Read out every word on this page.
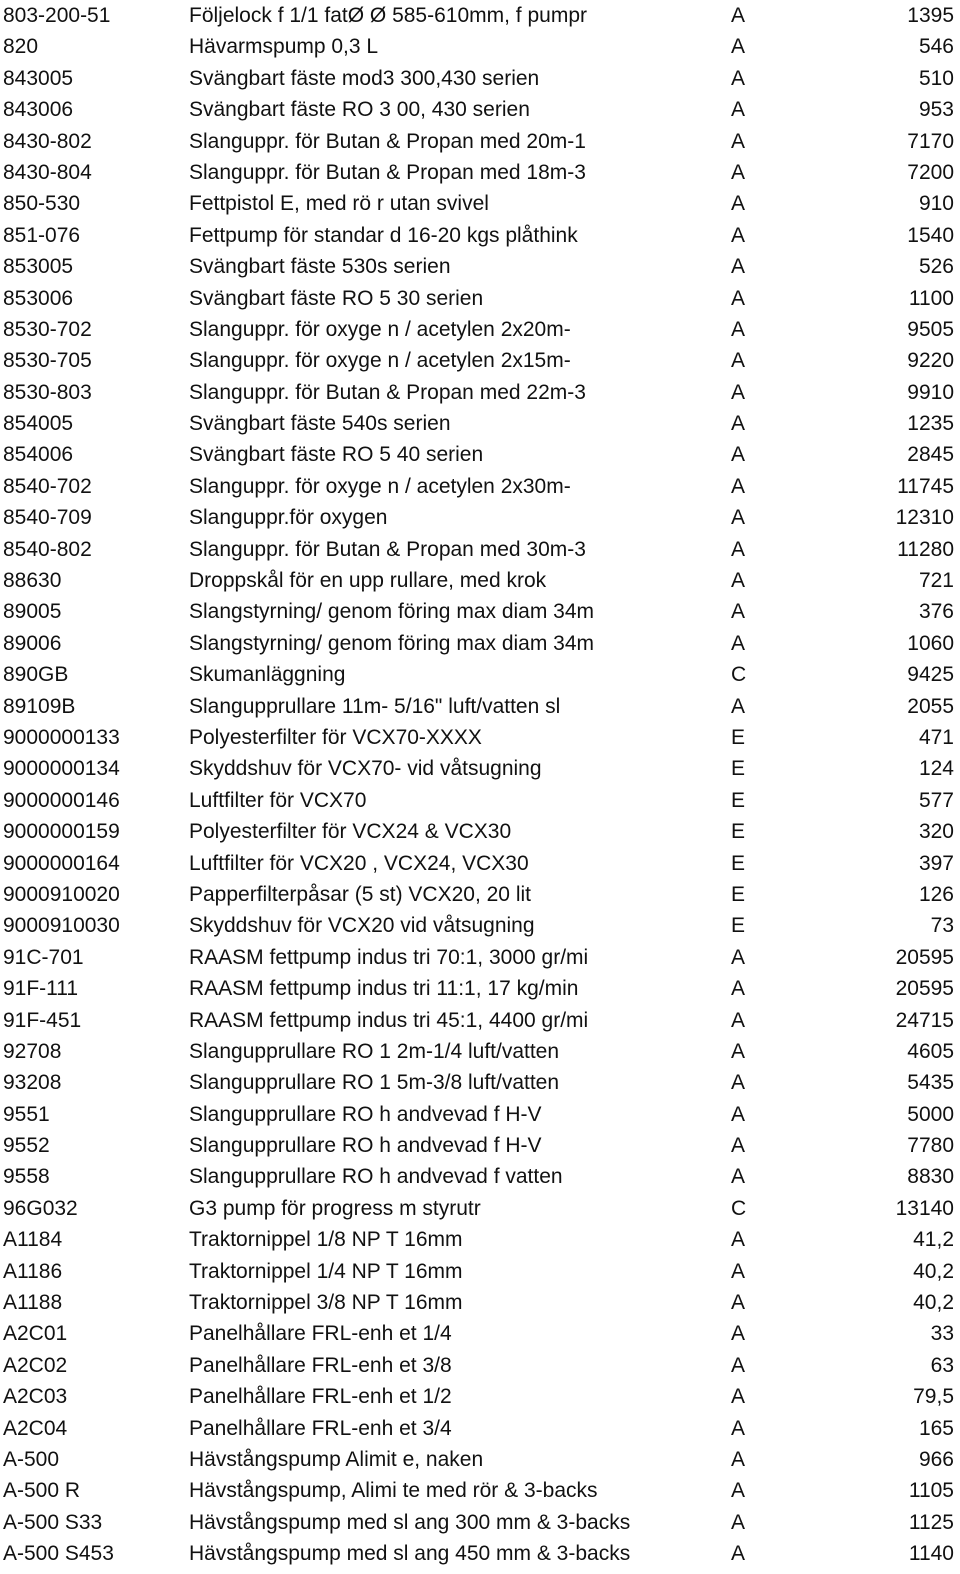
803-200-51	Följelock f 1/1 fatØ Ø 585-610mm, f pumpr	A	1395
820	Hävarmspump 0,3 L	A	546
843005	Svängbart fäste mod3 300,430 serien	A	510
843006	Svängbart fäste RO 3 00, 430 serien	A	953
8430-802	Slanguppr. för Butan & Propan med 20m-1	A	7170
8430-804	Slanguppr. för Butan & Propan med 18m-3	A	7200
850-530	Fettpistol E, med rö r utan svivel	A	910
851-076	Fettpump för standar d 16-20 kgs plåthink	A	1540
853005	Svängbart fäste 530s serien	A	526
853006	Svängbart fäste RO 5 30 serien	A	1100
8530-702	Slanguppr. för oxyge n / acetylen 2x20m-	A	9505
8530-705	Slanguppr. för oxyge n / acetylen 2x15m-	A	9220
8530-803	Slanguppr. för Butan & Propan med 22m-3	A	9910
854005	Svängbart fäste 540s serien	A	1235
854006	Svängbart fäste RO 5 40 serien	A	2845
8540-702	Slanguppr. för oxyge n / acetylen 2x30m-	A	11745
8540-709	Slanguppr.för oxygen	A	12310
8540-802	Slanguppr. för Butan & Propan med 30m-3	A	11280
88630	Droppskål för en upp rullare, med krok	A	721
89005	Slangstyrning/ genom föring max diam 34m	A	376
89006	Slangstyrning/ genom föring max diam 34m	A	1060
890GB	Skumanläggning	C	9425
89109B	Slangupprullare 11m- 5/16" luft/vatten sl	A	2055
9000000133	Polyesterfilter för VCX70-XXXX	E	471
9000000134	Skyddshuv för VCX70- vid våtsugning	E	124
9000000146	Luftfilter för VCX70	E	577
9000000159	Polyesterfilter för VCX24 & VCX30	E	320
9000000164	Luftfilter för VCX20 , VCX24, VCX30	E	397
9000910020	Papperfilterpåsar (5 st) VCX20, 20 lit	E	126
9000910030	Skyddshuv för VCX20 vid våtsugning	E	73
91C-701	RAASM fettpump indus tri 70:1, 3000 gr/mi	A	20595
91F-111	RAASM fettpump indus tri 11:1, 17 kg/min	A	20595
91F-451	RAASM fettpump indus tri 45:1, 4400 gr/mi	A	24715
92708	Slangupprullare RO 1 2m-1/4 luft/vatten	A	4605
93208	Slangupprullare RO 1 5m-3/8 luft/vatten	A	5435
9551	Slangupprullare RO h andvevad f H-V	A	5000
9552	Slangupprullare RO h andvevad f H-V	A	7780
9558	Slangupprullare RO h andvevad f vatten	A	8830
96G032	G3 pump för progress m styrutr	C	13140
A1184	Traktornippel 1/8 NP T 16mm	A	41,2
A1186	Traktornippel 1/4 NP T 16mm	A	40,2
A1188	Traktornippel 3/8 NP T 16mm	A	40,2
A2C01	Panelhållare FRL-enh et 1/4	A	33
A2C02	Panelhållare FRL-enh et 3/8	A	63
A2C03	Panelhållare FRL-enh et 1/2	A	79,5
A2C04	Panelhållare FRL-enh et 3/4	A	165
A-500	Hävstångspump Alimit e, naken	A	966
A-500 R	Hävstångspump, Alimi te med rör & 3-backs	A	1105
A-500 S33	Hävstångspump med sl ang 300 mm & 3-backs	A	1125
A-500 S453	Hävstångspump med sl ang 450 mm & 3-backs	A	1140
